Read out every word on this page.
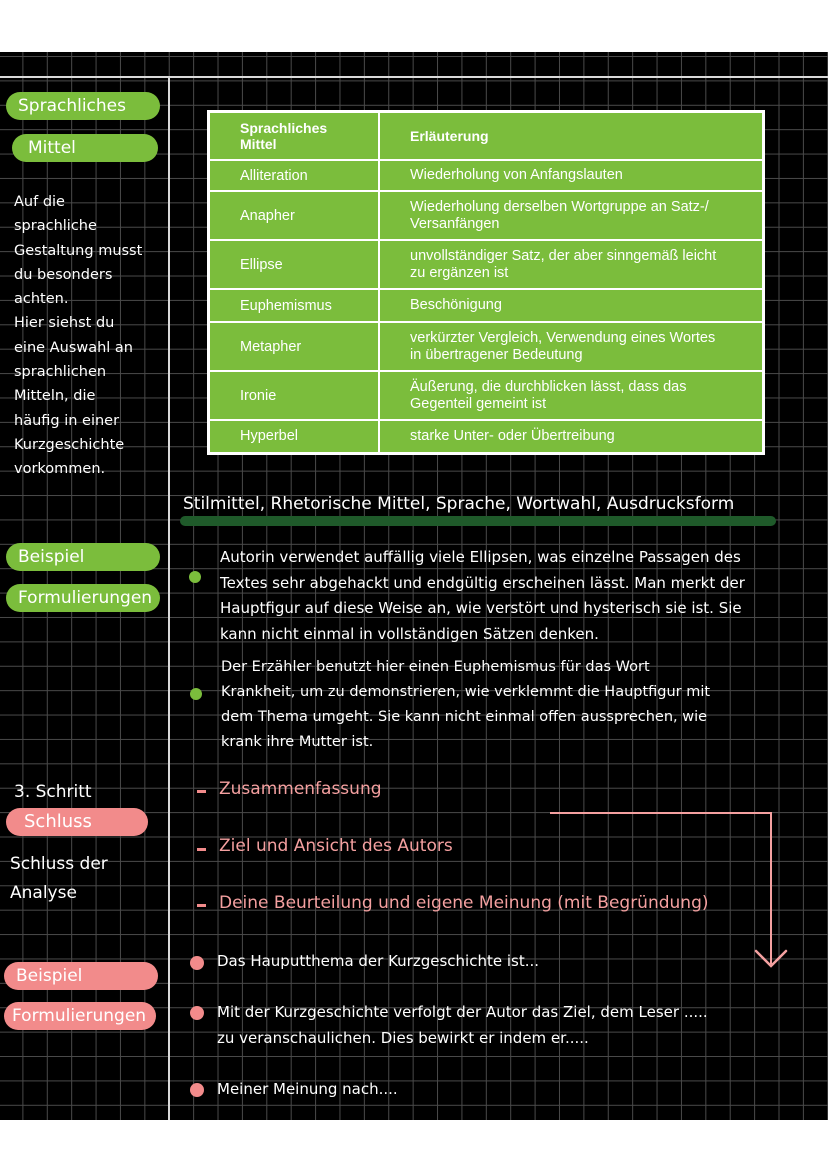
Sprachliches
Mittel
Auf die
sprachliche
Gestaltung musst
du besonders
achten.
Hier siehst du
eine Auswahl an
sprachlichen
Mitteln, die
häufig in einer
Kurzgeschichte
vorkommen.
Beispiel
Formulierungen
3. Schritt
Schluss
Schluss der
Analyse
Beispiel
Formulierungen
Sprachliches
Mittel	Erläuterung
Alliteration	Wiederholung von Anfangslauten

Anapher	Wiederholung derselben Wortgruppe an Satz-/
Versanfängen

Ellipse	unvollständiger Satz, der aber sinngemäß leicht
zu ergänzen ist

Euphemismus	Beschönigung

Metapher	verkürzter Vergleich, Verwendung eines Wortes
in übertragener Bedeutung

Ironie	Äußerung, die durchblicken lässt, dass das
Gegenteil gemeint ist

Hyperbel	starke Unter- oder Übertreibung
Stilmittel, Rhetorische Mittel, Sprache, Wortwahl, Ausdrucksform
Autorin verwendet auffällig viele Ellipsen, was einzelne Passagen des
Textes sehr abgehackt und endgültig erscheinen lässt. Man merkt der
Hauptfigur auf diese Weise an, wie verstört und hysterisch sie ist. Sie
kann nicht einmal in vollständigen Sätzen denken.
Der Erzähler benutzt hier einen Euphemismus für das Wort
Krankheit, um zu demonstrieren, wie verklemmt die Hauptfigur mit
dem Thema umgeht. Sie kann nicht einmal offen aussprechen, wie
krank ihre Mutter ist.
Zusammenfassung
Ziel und Ansicht des Autors
Deine Beurteilung und eigene Meinung (mit Begründung)
Das Hauputthema der Kurzgeschichte ist...
Mit der Kurzgeschichte verfolgt der Autor das Ziel, dem Leser .....
zu veranschaulichen. Dies bewirkt er indem er.....
Meiner Meinung nach....
